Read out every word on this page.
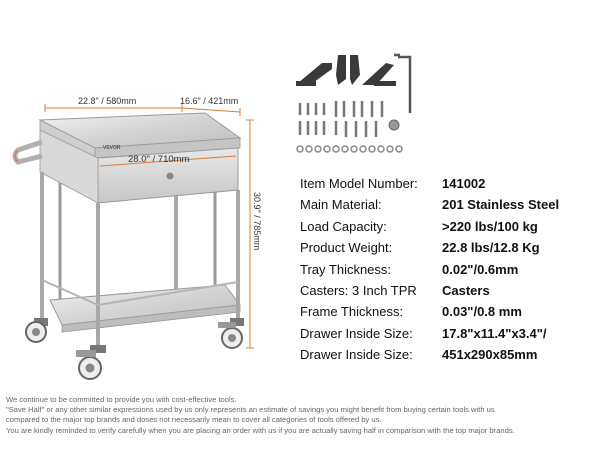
22.8" / 580mm	16.6" / 421mm
30.9" / 785mm
28.0" / 710mm
VEVOR
Item Model Number: 141002
Main Material:	201 Stainless Steel
Load Capacity:	˃220 lbs/100 kg
Product Weight:	22.8 lbs/12.8 Kg
Tray Thickness:	0.02"/0.6mm
Casters: 3 Inch TPR Casters
Frame Thickness:	0.03"/0.8 mm
Drawer Inside Size: 17.8"x11.4"x3.4"/
Drawer Inside Size: 451x290x85mm
We continue to be committed to provide you with cost-effective tools.
"Save Half" or any other similar expressions used by us only represents an estimate of savings you might benefit from buying certain tools with us
compared to the major top brands and doses not necessarily mean to cover all categories of tools offered by us.
You are kindly reminded to verify carefully when you are placing an order with us if you are actually saving half in comparison with the top major brands.
